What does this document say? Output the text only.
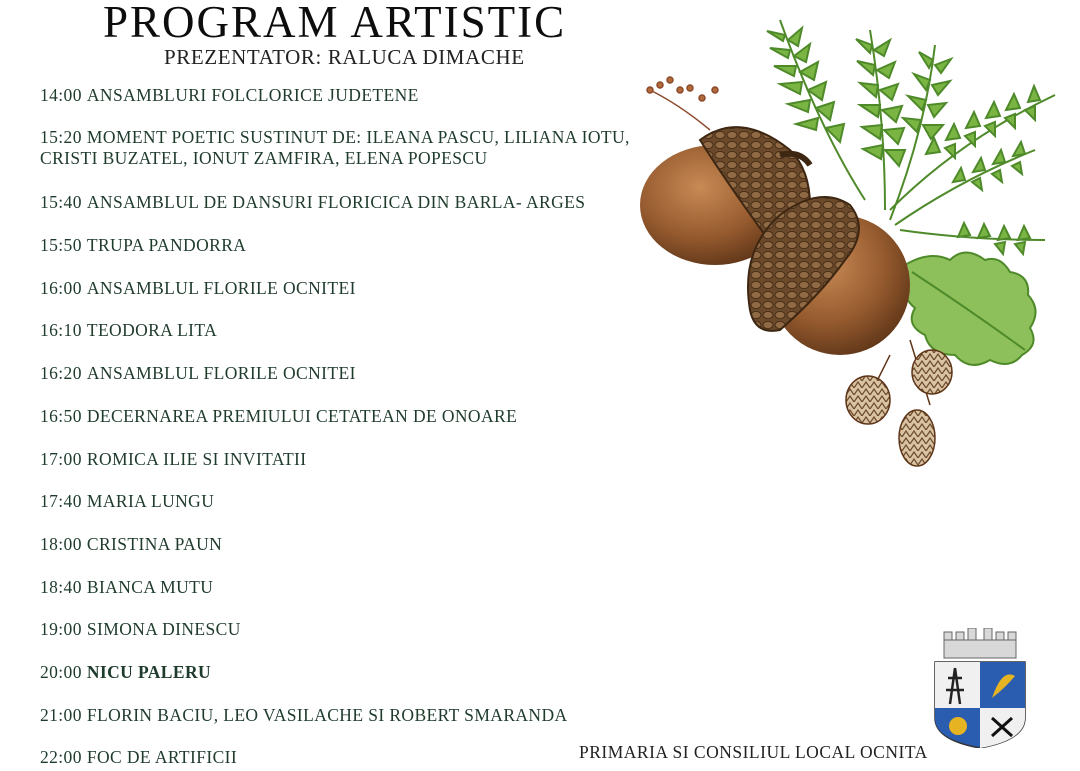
PROGRAM ARTISTIC
PREZENTATOR: RALUCA DIMACHE
14:00 ANSAMBLURI FOLCLORICE JUDETENE
15:20 MOMENT POETIC SUSTINUT DE: ILEANA PASCU, LILIANA IOTU,
CRISTI BUZATEL, IONUT ZAMFIRA, ELENA POPESCU
15:40 ANSAMBLUL DE DANSURI FLORICICA DIN BARLA- ARGES
15:50 TRUPA PANDORRA
16:00 ANSAMBLUL FLORILE OCNITEI
16:10 TEODORA LITA
16:20 ANSAMBLUL FLORILE OCNITEI
16:50 DECERNAREA PREMIULUI CETATEAN DE ONOARE
17:00 ROMICA ILIE SI INVITATII
17:40 MARIA LUNGU
18:00 CRISTINA PAUN
18:40 BIANCA MUTU
19:00 SIMONA DINESCU
20:00 NICU PALERU
21:00 FLORIN BACIU, LEO VASILACHE SI ROBERT SMARANDA
22:00 FOC DE ARTIFICII	PRIMARIA SI CONSILIUL LOCAL OCNITA
